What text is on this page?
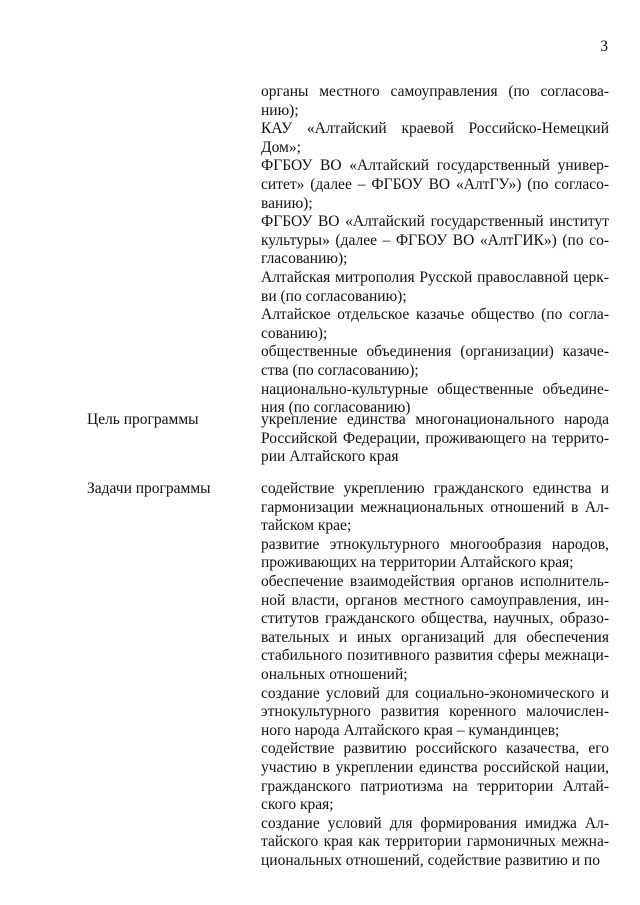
3

органы местного самоуправления (по согласованию);

КАУ «Алтайский краевой Российско-Немецкий Дом»;

ФГБОУ ВО «Алтайский государственный университет» (далее – ФГБОУ ВО «АлтГУ») (по согласованию);

ФГБОУ ВО «Алтайский государственный институт культуры» (далее – ФГБОУ ВО «АлтГИК») (по согласованию);

Алтайская митрополия Русской православной церкви (по согласованию);

Алтайское отдельское казачье общество (по согласованию);

общественные объединения (организации) казачества (по согласованию);

национально-культурные общественные объединения (по согласованию)

Цель программы	укрепление единства многонационального народа Российской Федерации, проживающего на территории Алтайского края

Задачи программы	содействие укреплению гражданского единства и гармонизации межнациональных отношений в Алтайском крае;

развитие этнокультурного многообразия народов, проживающих на территории Алтайского края;

обеспечение взаимодействия органов исполнительной власти, органов местного самоуправления, институтов гражданского общества, научных, образовательных и иных организаций для обеспечения стабильного позитивного развития сферы межнациональных отношений;

создание условий для социально-экономического и этнокультурного развития коренного малочисленного народа Алтайского края – кумандинцев;

содействие развитию российского казачества, его участию в укреплении единства российской нации, гражданского патриотизма на территории Алтайского края;

создание условий для формирования имиджа Алтайского края как территории гармоничных межнациональных отношений, содействие развитию и по
